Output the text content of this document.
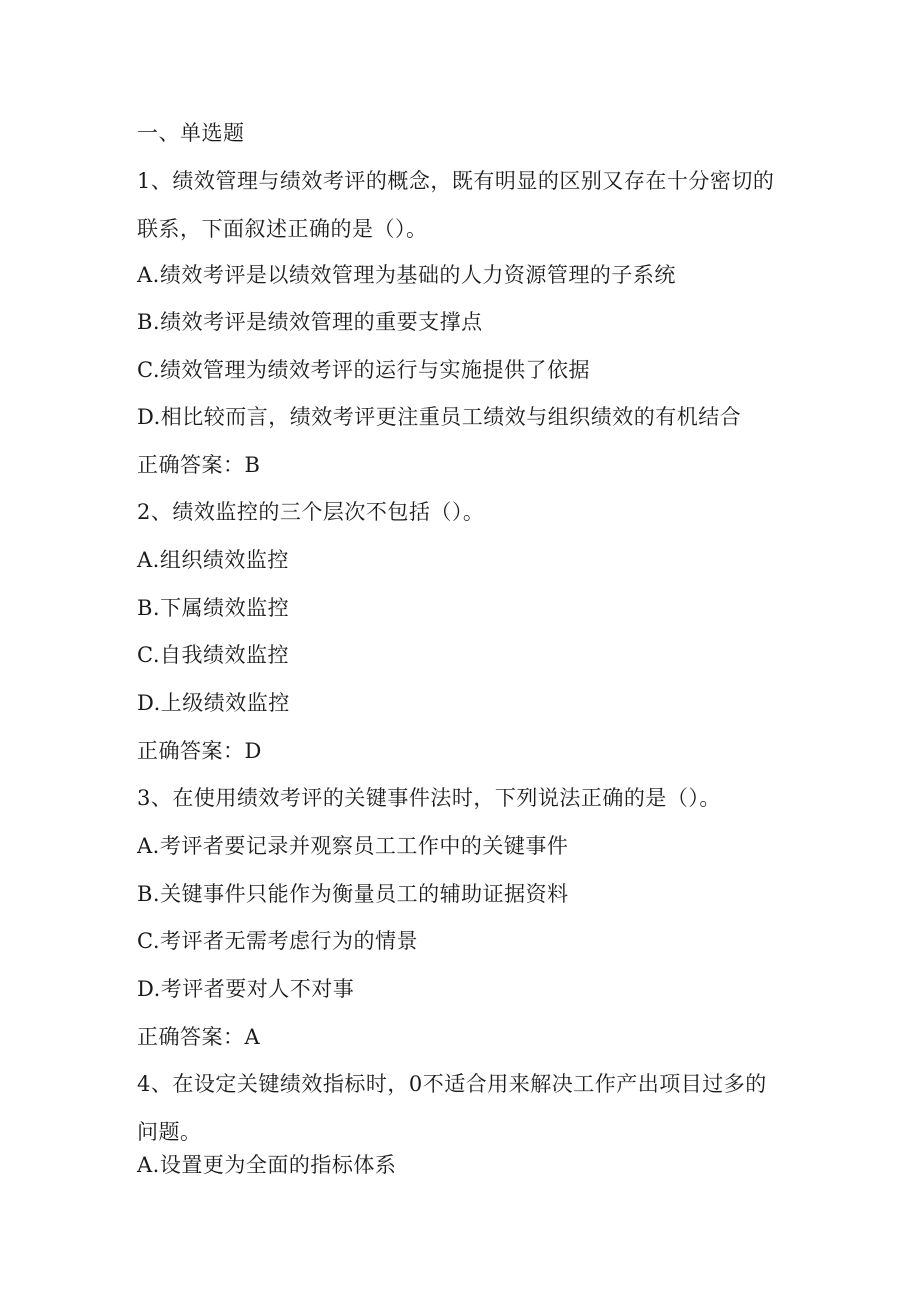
一、单选题
1、绩效管理与绩效考评的概念，既有明显的区别又存在十分密切的
联系，下面叙述正确的是（）。
A.绩效考评是以绩效管理为基础的人力资源管理的子系统
B.绩效考评是绩效管理的重要支撑点
C.绩效管理为绩效考评的运行与实施提供了依据
D.相比较而言，绩效考评更注重员工绩效与组织绩效的有机结合
正确答案：B
2、绩效监控的三个层次不包括（）。
A.组织绩效监控
B.下属绩效监控
C.自我绩效监控
D.上级绩效监控
正确答案：D
3、在使用绩效考评的关键事件法时，下列说法正确的是（）。
A.考评者要记录并观察员工工作中的关键事件
B.关键事件只能作为衡量员工的辅助证据资料
C.考评者无需考虑行为的情景
D.考评者要对人不对事
正确答案：A
4、在设定关键绩效指标时，0不适合用来解决工作产出项目过多的
问题。
A.设置更为全面的指标体系
